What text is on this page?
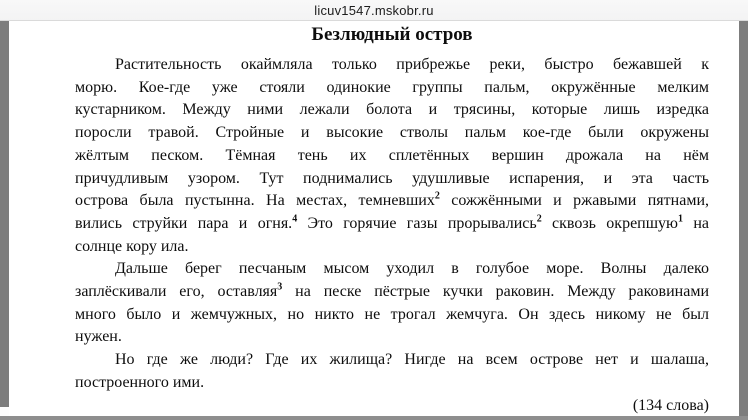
licuv1547.mskobr.ru
Безлюдный остров
Растительность окаймляла только прибрежье реки, быстро бежавшей к
морю. Кое-где уже стояли одинокие группы пальм, окружённые мелким
кустарником. Между ними лежали болота и трясины, которые лишь изредка
поросли травой. Стройные и высокие стволы пальм кое-где были окружены
жёлтым песком. Тёмная тень их сплетённых вершин дрожала на нём
причудливым узором. Тут поднимались удушливые испарения, и эта часть
острова была пустынна. На местах, темневших$^2$ сожжёнными и ржавыми пятнами,
вились струйки пара и огня.$^4$ Это горячие газы прорывались$^2$ сквозь окрепшую$^1$ на
солнце кору ила.
Дальше берег песчаным мысом уходил в голубое море. Волны далеко
заплёскивали его, оставляя$^3$ на песке пёстрые кучки раковин. Между раковинами
много было и жемчужных, но никто не трогал жемчуга. Он здесь никому не был
нужен.
Но где же люди? Где их жилища? Нигде на всем острове нет и шалаша,
построенного ими.
(134 слова)
